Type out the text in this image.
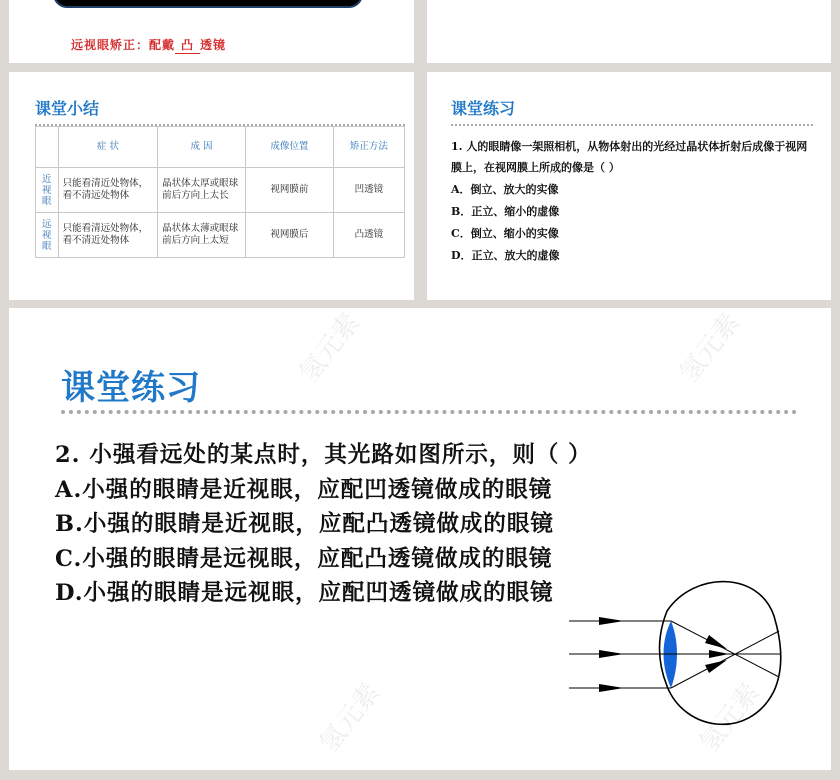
远视眼矫正：配戴 凸 透镜
课堂小结
	症 状	成 因	成像位置	矫正方法
近视眼	只能看清近处物体，看不清远处物体	晶状体太厚或眼球前后方向上太长	视网膜前	凹透镜
远视眼	只能看清远处物体，看不清近处物体	晶状体太薄或眼球前后方向上太短	视网膜后	凸透镜
课堂练习
1. 人的眼睛像一架照相机，从物体射出的光经过晶状体折射后成像于视网膜上，在视网膜上所成的像是（ ）
A．倒立、放大的实像
B．正立、缩小的虚像
C．倒立、缩小的实像
D．正立、放大的虚像
氢元素	氢元素
氢元素	氢元素
课堂练习
2. 小强看远处的某点时，其光路如图所示，则（ ）
A.小强的眼睛是近视眼，应配凹透镜做成的眼镜
B.小强的眼睛是近视眼，应配凸透镜做成的眼镜
C.小强的眼睛是远视眼，应配凸透镜做成的眼镜
D.小强的眼睛是远视眼，应配凹透镜做成的眼镜
